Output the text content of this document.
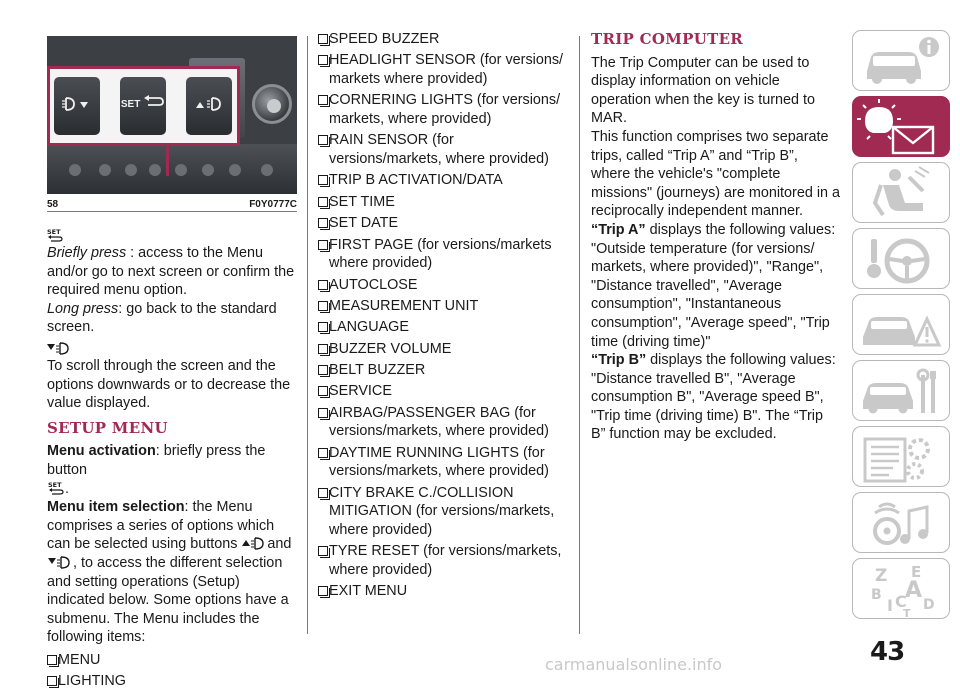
SET
58	F0Y0777C
SET

Briefly press : access to the Menu and/or go to next screen or confirm the required menu option.

Long press: go back to the standard screen.

To scroll through the screen and the options downwards or to decrease the value displayed.

SETUP MENU

Menu activation: briefly press the button

SET .

Menu item selection: the Menu comprises a series of options which can be selected using buttons and
, to access the different selection and setting operations (Setup) indicated below. Some options have a submenu. The Menu includes the following items:

MENU
LIGHTING
SPEED BUZZER
HEADLIGHT SENSOR (for versions/ markets where provided)
CORNERING LIGHTS (for versions/ markets, where provided)
RAIN SENSOR (for versions/markets, where provided)
TRIP B ACTIVATION/DATA
SET TIME
SET DATE
FIRST PAGE (for versions/markets where provided)
AUTOCLOSE
MEASUREMENT UNIT
LANGUAGE
BUZZER VOLUME
BELT BUZZER
SERVICE
AIRBAG/PASSENGER BAG (for versions/markets, where provided)
DAYTIME RUNNING LIGHTS (for versions/markets, where provided)
CITY BRAKE C./COLLISION MITIGATION (for versions/markets, where provided)
TYRE RESET (for versions/markets, where provided)
EXIT MENU
TRIP COMPUTER

The Trip Computer can be used to display information on vehicle operation when the key is turned to MAR.

This function comprises two separate trips, called “Trip A” and “Trip B”, where the vehicle's "complete missions" (journeys) are monitored in a reciprocally independent manner.

“Trip A” displays the following values: "Outside temperature (for versions/ markets, where provided)", "Range", "Distance travelled", "Average consumption", "Instantaneous consumption", "Average speed", "Trip time (driving time)"

“Trip B” displays the following values: "Distance travelled B", "Average consumption B", "Average speed B", "Trip time (driving time) B". The “Trip B” function may be excluded.

Z E
B A
I C D
T
43
carmanualsonline.info
